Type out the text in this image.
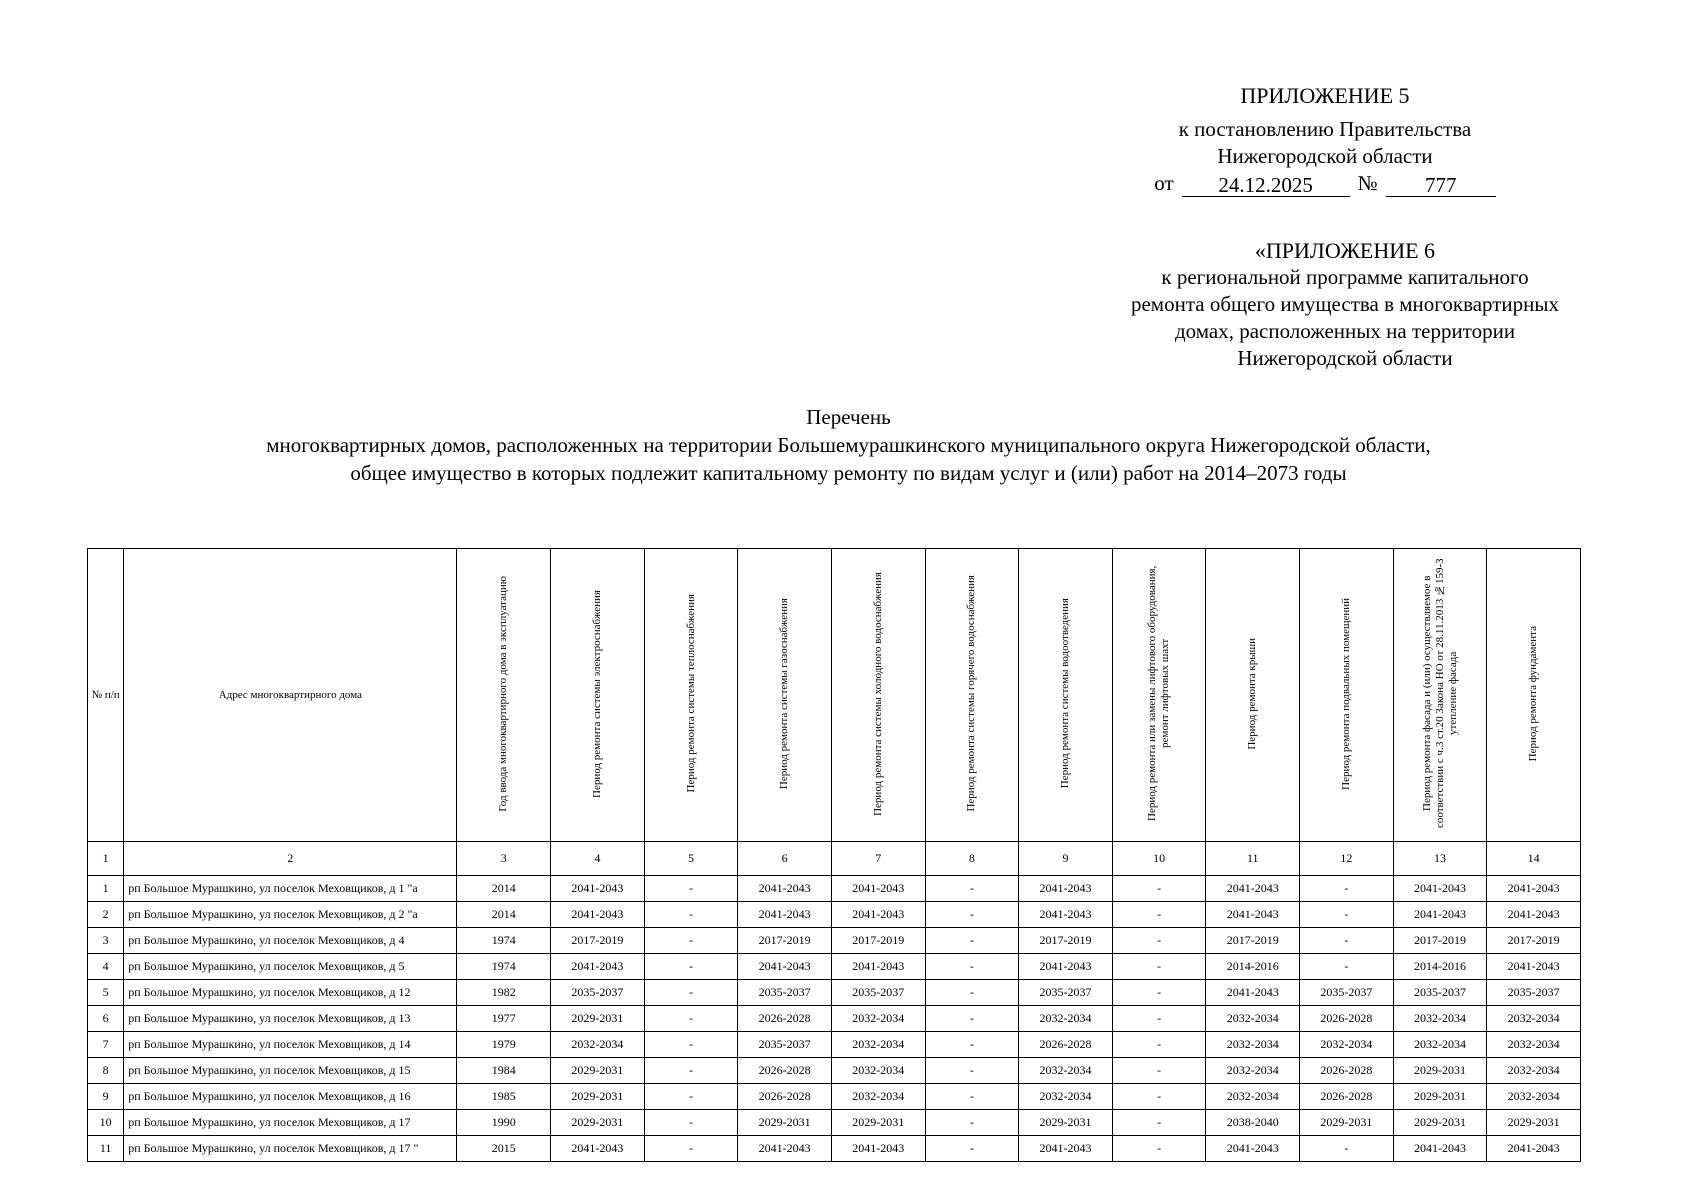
ПРИЛОЖЕНИЕ 5
к постановлению Правительства
Нижегородской области
от	24.12.2025	№	777
«ПРИЛОЖЕНИЕ 6
к региональной программе капитального
ремонта общего имущества в многоквартирных
домах, расположенных на территории
Нижегородской области
Перечень
многоквартирных домов, расположенных на территории Большемурашкинского муниципального округа Нижегородской области,
общее имущество в которых подлежит капитальному ремонту по видам услуг и (или) работ на 2014–2073 годы
№ п/п	Адрес многоквартирного дома	Год ввода многоквартирного дома в эксплуатацию	Период ремонта системы электроснабжения	Период ремонта системы теплоснабжения	Период ремонта системы газоснабжения	Период ремонта системы холодного водоснабжения	Период ремонта системы горячего водоснабжения	Период ремонта системы водоотведения	Период ремонта или замены лифтового оборудования, ремонт лифтовых шахт	Период ремонта крыши	Период ремонта подвальных помещений	Период ремонта фасада и (или) осуществляемое в соответствии с ч.3 ст.20 Закона НО от 28.11.2013 №159-З утепление фасада	Период ремонта фундамента
1	2	3	4	5	6	7	8	9	10	11	12	13	14
1	рп Большое Мурашкино, ул поселок Меховщиков, д 1 "а	2014	2041-2043	-	2041-2043	2041-2043	-	2041-2043	-	2041-2043	-	2041-2043	2041-2043
2	рп Большое Мурашкино, ул поселок Меховщиков, д 2 "а	2014	2041-2043	-	2041-2043	2041-2043	-	2041-2043	-	2041-2043	-	2041-2043	2041-2043
3	рп Большое Мурашкино, ул поселок Меховщиков, д 4	1974	2017-2019	-	2017-2019	2017-2019	-	2017-2019	-	2017-2019	-	2017-2019	2017-2019
4	рп Большое Мурашкино, ул поселок Меховщиков, д 5	1974	2041-2043	-	2041-2043	2041-2043	-	2041-2043	-	2014-2016	-	2014-2016	2041-2043
5	рп Большое Мурашкино, ул поселок Меховщиков, д 12	1982	2035-2037	-	2035-2037	2035-2037	-	2035-2037	-	2041-2043	2035-2037	2035-2037	2035-2037
6	рп Большое Мурашкино, ул поселок Меховщиков, д 13	1977	2029-2031	-	2026-2028	2032-2034	-	2032-2034	-	2032-2034	2026-2028	2032-2034	2032-2034
7	рп Большое Мурашкино, ул поселок Меховщиков, д 14	1979	2032-2034	-	2035-2037	2032-2034	-	2026-2028	-	2032-2034	2032-2034	2032-2034	2032-2034
8	рп Большое Мурашкино, ул поселок Меховщиков, д 15	1984	2029-2031	-	2026-2028	2032-2034	-	2032-2034	-	2032-2034	2026-2028	2029-2031	2032-2034
9	рп Большое Мурашкино, ул поселок Меховщиков, д 16	1985	2029-2031	-	2026-2028	2032-2034	-	2032-2034	-	2032-2034	2026-2028	2029-2031	2032-2034
10	рп Большое Мурашкино, ул поселок Меховщиков, д 17	1990	2029-2031	-	2029-2031	2029-2031	-	2029-2031	-	2038-2040	2029-2031	2029-2031	2029-2031
11	рп Большое Мурашкино, ул поселок Меховщиков, д 17 "	2015	2041-2043	-	2041-2043	2041-2043	-	2041-2043	-	2041-2043	-	2041-2043	2041-2043
